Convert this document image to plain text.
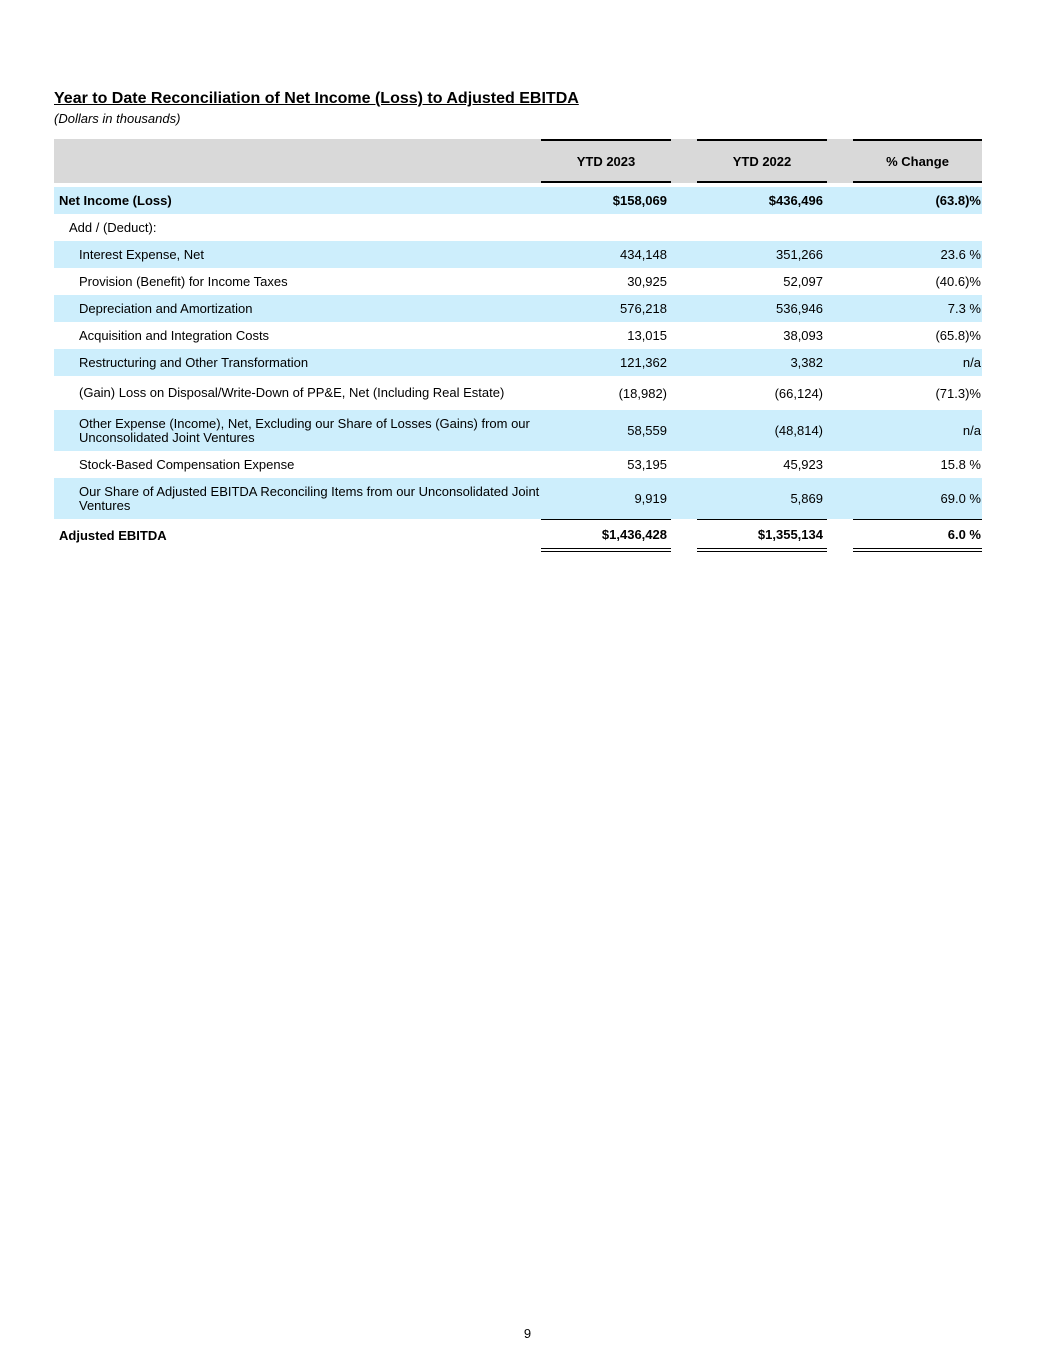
Year to Date Reconciliation of Net Income (Loss) to Adjusted EBITDA

(Dollars in thousands)

	YTD 2023		YTD 2022		% Change

Net Income (Loss)	$158,069		$436,496		(63.8)%
Add / (Deduct):					
Interest Expense, Net	434,148		351,266		23.6 %
Provision (Benefit) for Income Taxes	30,925		52,097		(40.6)%
Depreciation and Amortization	576,218		536,946		7.3 %
Acquisition and Integration Costs	13,015		38,093		(65.8)%
Restructuring and Other Transformation	121,362		3,382		n/a
(Gain) Loss on Disposal/Write-Down of PP&E, Net (Including Real Estate)	(18,982)		(66,124)		(71.3)%
Other Expense (Income), Net, Excluding our Share of Losses (Gains) from our Unconsolidated Joint Ventures	58,559		(48,814)		n/a
Stock-Based Compensation Expense	53,195		45,923		15.8 %
Our Share of Adjusted EBITDA Reconciling Items from our Unconsolidated Joint Ventures	9,919		5,869		69.0 %
Adjusted EBITDA	$1,436,428		$1,355,134		6.0 %
9
